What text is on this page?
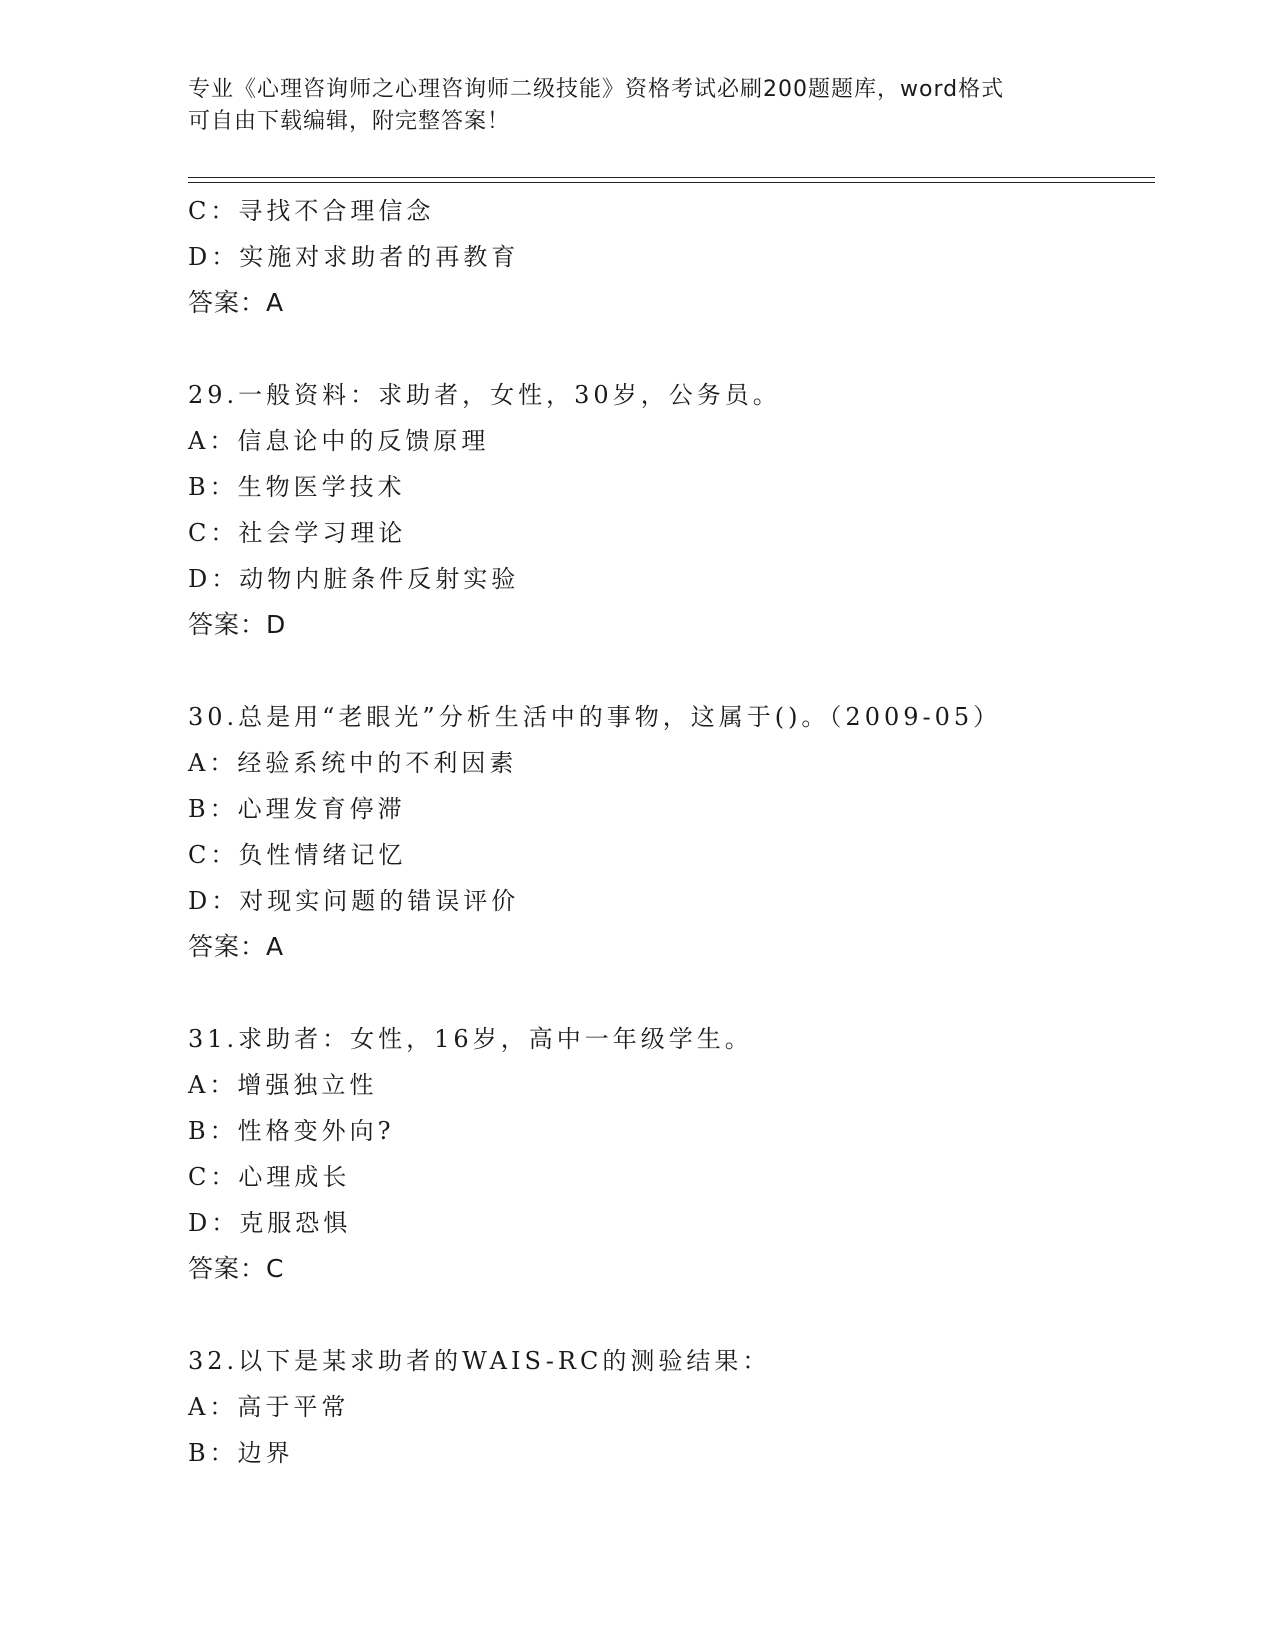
专业《心理咨询师之心理咨询师二级技能》资格考试必刷200题题库，word格式
可自由下载编辑，附完整答案！
C：寻找不合理信念
D：实施对求助者的再教育
答案：A
29.一般资料：求助者，女性，30岁，公务员。
A：信息论中的反馈原理
B：生物医学技术
C：社会学习理论
D：动物内脏条件反射实验
答案：D
30.总是用“老眼光”分析生活中的事物，这属于()。（2009-05）
A：经验系统中的不利因素
B：心理发育停滞
C：负性情绪记忆
D：对现实问题的错误评价
答案：A
31.求助者：女性，16岁，高中一年级学生。
A：增强独立性
B：性格变外向?
C：心理成长
D：克服恐惧
答案：C
32.以下是某求助者的WAIS-RC的测验结果：
A：高于平常
B：边界
